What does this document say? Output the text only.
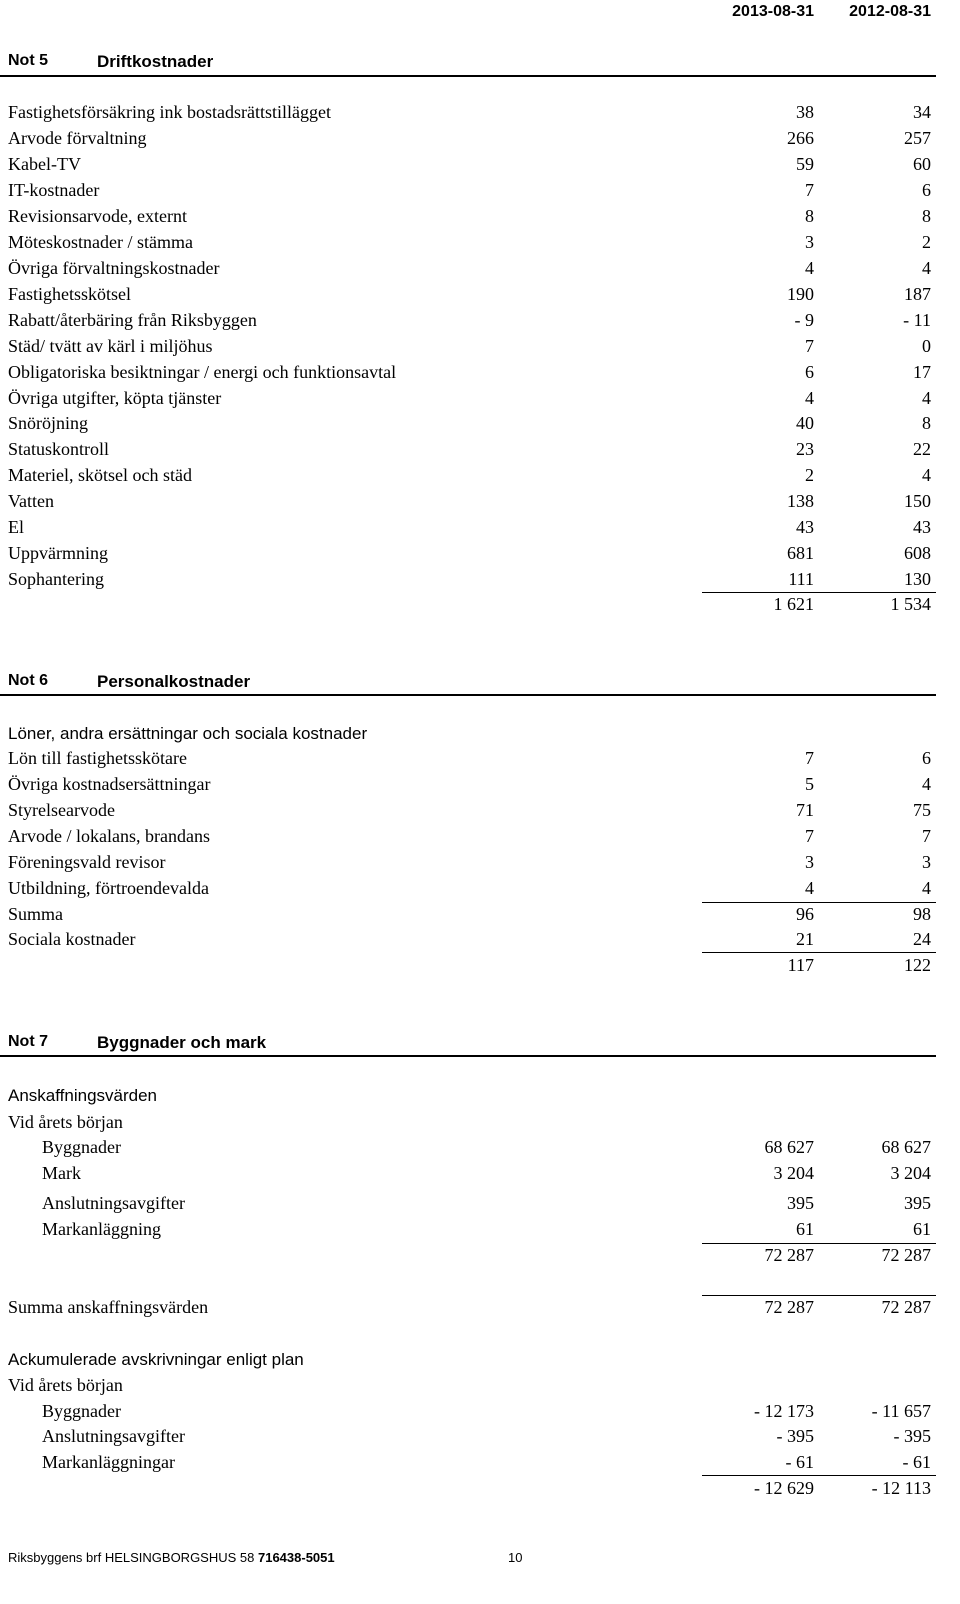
2013-08-31	2012-08-31
Not 5	Driftkostnader
Fastighetsförsäkring ink bostadsrättstillägget	38	34
Arvode förvaltning	266	257
Kabel-TV	59	60
IT-kostnader	7	6
Revisionsarvode, externt	8	8
Möteskostnader / stämma	3	2
Övriga förvaltningskostnader	4	4
Fastighetsskötsel	190	187
Rabatt/återbäring från Riksbyggen	- 9	- 11
Städ/ tvätt av kärl i miljöhus	7	0
Obligatoriska besiktningar / energi och funktionsavtal	6	17
Övriga utgifter, köpta tjänster	4	4
Snöröjning	40	8
Statuskontroll	23	22
Materiel, skötsel och städ	2	4
Vatten	138	150
El	43	43
Uppvärmning	681	608
Sophantering	111	130
1 621	1 534
Not 6	Personalkostnader
Löner, andra ersättningar och sociala kostnader
Lön till fastighetsskötare	7	6
Övriga kostnadsersättningar	5	4
Styrelsearvode	71	75
Arvode / lokalans, brandans	7	7
Föreningsvald revisor	3	3
Utbildning, förtroendevalda	4	4
Summa	96	98
Sociala kostnader	21	24
117	122
Not 7	Byggnader och mark
Anskaffningsvärden
Vid årets början
Byggnader	68 627	68 627
Mark	3 204	3 204
Anslutningsavgifter	395	395
Markanläggning	61	61
72 287	72 287
Summa anskaffningsvärden	72 287	72 287
Ackumulerade avskrivningar enligt plan
Vid årets början
Byggnader	- 12 173	- 11 657
Anslutningsavgifter	- 395	- 395
Markanläggningar	- 61	- 61
- 12 629	- 12 113
Riksbyggens brf HELSINGBORGSHUS 58 716438-5051	10
